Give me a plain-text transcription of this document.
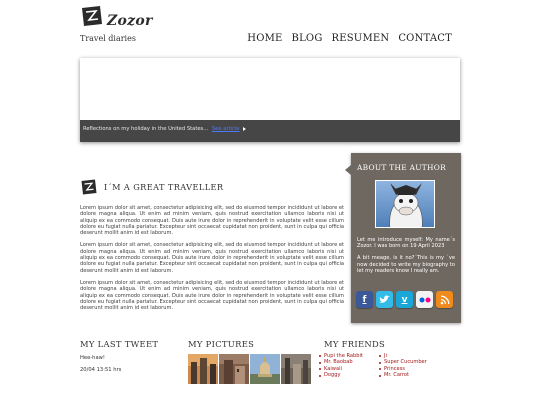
Zozor
Travel diaries	HOME BLOG RESUMEN CONTACT
Reflections on my holiday in the United States... See article
I´M A GREAT TRAVELLER

Lorem ipsum dolor sit amet, consectetur adipisicing elit, sed do eiusmod tempor incididunt ut labore et dolore magna aliqua. Ut enim ad minim veniam, quis nostrud exercitation ullamco laboris nisi ut aliquip ex ea commodo consequat. Duis aute irure dolor in reprehenderit in voluptate velit esse cillum dolore eu fugiat nulla pariatur. Excepteur sint occaecat cupidatat non proident, sunt in culpa qui officia deserunt mollit anim id est laborum.

Lorem ipsum dolor sit amet, consectetur adipisicing elit, sed do eiusmod tempor incididunt ut labore et dolore magna aliqua. Ut enim ad minim veniam, quis nostrud exercitation ullamco laboris nisi ut aliquip ex ea commodo consequat. Duis aute irure dolor in reprehenderit in voluptate velit esse cillum dolore eu fugiat nulla pariatur. Excepteur sint occaecat cupidatat non proident, sunt in culpa qui officia deserunt mollit anim id est laborum.

Lorem ipsum dolor sit amet, consectetur adipisicing elit, sed do eiusmod tempor incididunt ut labore et dolore magna aliqua. Ut enim ad minim veniam, quis nostrud exercitation ullamco laboris nisi ut aliquip ex ea commodo consequat. Duis aute irure dolor in reprehenderit in voluptate velit esse cillum dolore eu fugiat nulla pariatur. Excepteur sint occaecat cupidatat non proident, sunt in culpa qui officia deserunt mollit anim id est laborum.

ABOUT THE AUTHOR

Let me introduce myself: My name´s Zozor. I was born on 19 April 2023

A bit meage, is it no?´This is my ´ve now decided to write my biography to let my readers know I really am.

f	v
MY LAST TWEET
Hee-haw!
20/04 13:51 hrs
MY PICTURES	MY FRIENDS
Pupi the Rabbit
Mr. Baobab
Kaiwaii
Doggy
Ji
Super Cucumber
Princess
Mr. Carrot
